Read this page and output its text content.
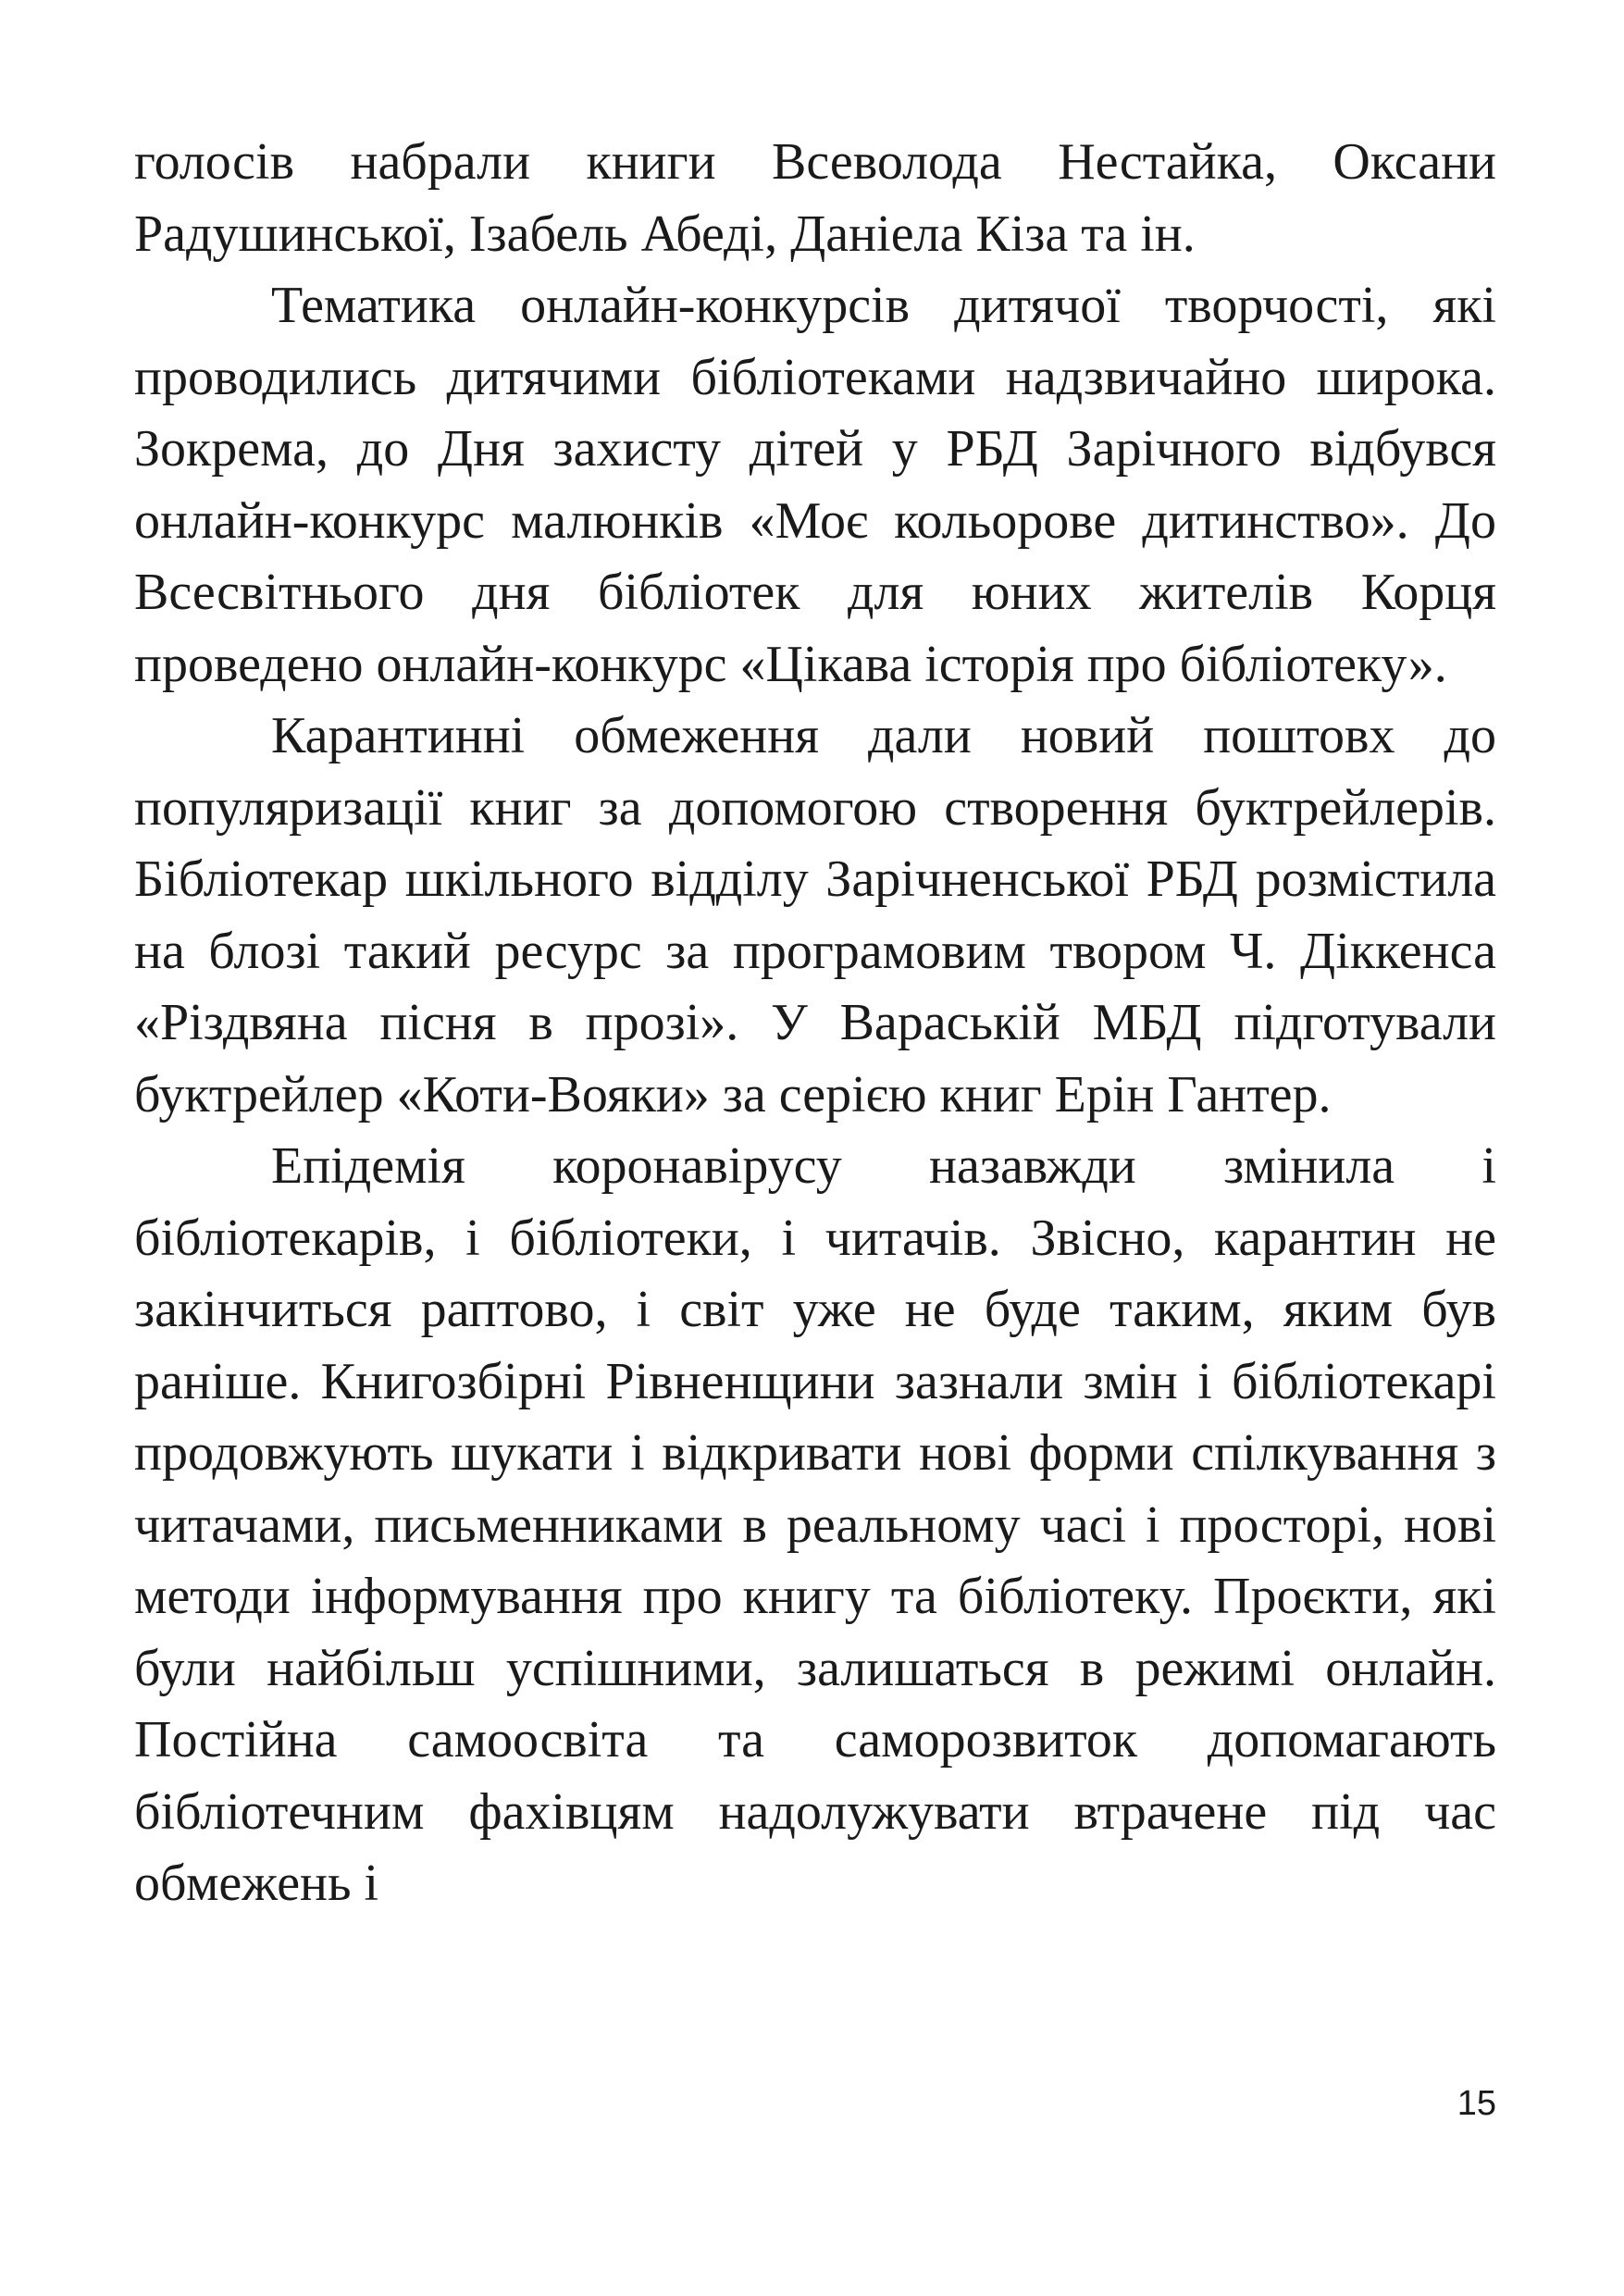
голосів набрали книги Всеволода Нестайка, Оксани Радушинської, Ізабель Абеді, Даніела Кіза та ін.

Тематика онлайн-конкурсів дитячої творчості, які проводились дитячими бібліотеками надзвичайно широка. Зокрема, до Дня захисту дітей у РБД Зарічного відбувся онлайн-конкурс малюнків «Моє кольорове дитинство». До Всесвітнього дня бібліотек для юних жителів Корця проведено онлайн-конкурс «Цікава історія про бібліотеку».

Карантинні обмеження дали новий поштовх до популяризації книг за допомогою створення буктрейлерів. Бібліотекар шкільного відділу Зарічненської РБД розмістила на блозі такий ресурс за програмовим твором Ч. Діккенса «Різдвяна пісня в прозі». У Вараській МБД підготували буктрейлер «Коти-Вояки» за серією книг Ерін Гантер.

Епідемія коронавірусу назавжди змінила і бібліотекарів, і бібліотеки, і читачів. Звісно, карантин не закінчиться раптово, і світ уже не буде таким, яким був раніше. Книгозбірні Рівненщини зазнали змін і бібліотекарі продовжують шукати і відкривати нові форми спілкування з читачами, письменниками в реальному часі і просторі, нові методи інформування про книгу та бібліотеку. Проєкти, які були найбільш успішними, залишаться в режимі онлайн. Постійна самоосвіта та саморозвиток допомагають бібліотечним фахівцям надолужувати втрачене під час обмежень і

15
